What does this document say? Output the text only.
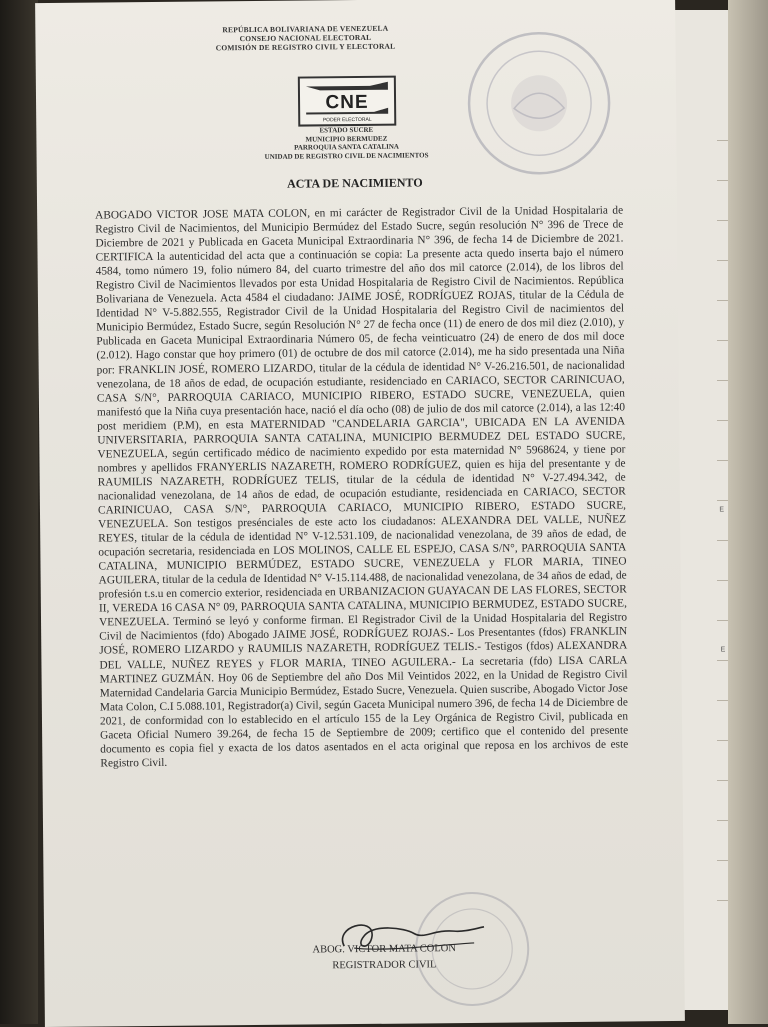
REPÚBLICA BOLIVARIANA DE VENEZUELA
CONSEJO NACIONAL ELECTORAL
COMISIÓN DE REGISTRO CIVIL Y ELECTORAL
CNE
PODER ELECTORAL
ESTADO SUCRE
MUNICIPIO BERMUDEZ
PARROQUIA SANTA CATALINA
UNIDAD DE REGISTRO CIVIL DE NACIMIENTOS
ACTA DE NACIMIENTO

ABOGADO VICTOR JOSE MATA COLON, en mi carácter de Registrador Civil de la Unidad Hospitalaria de Registro Civil de Nacimientos, del Municipio Bermúdez del Estado Sucre, según resolución N° 396 de Trece de Diciembre de 2021 y Publicada en Gaceta Municipal Extraordinaria N° 396, de fecha 14 de Diciembre de 2021. CERTIFICA la autenticidad del acta que a continuación se copia: La presente acta quedo inserta bajo el número 4584, tomo número 19, folio número 84, del cuarto trimestre del año dos mil catorce (2.014), de los libros del Registro Civil de Nacimientos llevados por esta Unidad Hospitalaria de Registro Civil de Nacimientos. República Bolivariana de Venezuela. Acta 4584 el ciudadano: JAIME JOSÉ, RODRÍGUEZ ROJAS, titular de la Cédula de Identidad N° V-5.882.555, Registrador Civil de la Unidad Hospitalaria del Registro Civil de nacimientos del Municipio Bermúdez, Estado Sucre, según Resolución N° 27 de fecha once (11) de enero de dos mil diez (2.010), y Publicada en Gaceta Municipal Extraordinaria Número 05, de fecha veinticuatro (24) de enero de dos mil doce (2.012). Hago constar que hoy primero (01) de octubre de dos mil catorce (2.014), me ha sido presentada una Niña por: FRANKLIN JOSÉ, ROMERO LIZARDO, titular de la cédula de identidad N° V-26.216.501, de nacionalidad venezolana, de 18 años de edad, de ocupación estudiante, residenciado en CARIACO, SECTOR CARINICUAO, CASA S/N°, PARROQUIA CARIACO, MUNICIPIO RIBERO, ESTADO SUCRE, VENEZUELA, quien manifestó que la Niña cuya presentación hace, nació el día ocho (08) de julio de dos mil catorce (2.014), a las 12:40 post meridiem (P.M), en esta MATERNIDAD "CANDELARIA GARCIA", UBICADA EN LA AVENIDA UNIVERSITARIA, PARROQUIA SANTA CATALINA, MUNICIPIO BERMUDEZ DEL ESTADO SUCRE, VENEZUELA, según certificado médico de nacimiento expedido por esta maternidad N° 5968624, y tiene por nombres y apellidos FRANYERLIS NAZARETH, ROMERO RODRÍGUEZ, quien es hija del presentante y de RAUMILIS NAZARETH, RODRÍGUEZ TELIS, titular de la cédula de identidad N° V-27.494.342, de nacionalidad venezolana, de 14 años de edad, de ocupación estudiante, residenciada en CARIACO, SECTOR CARINICUAO, CASA S/N°, PARROQUIA CARIACO, MUNICIPIO RIBERO, ESTADO SUCRE, VENEZUELA. Son testigos presénciales de este acto los ciudadanos: ALEXANDRA DEL VALLE, NUÑEZ REYES, titular de la cédula de identidad N° V-12.531.109, de nacionalidad venezolana, de 39 años de edad, de ocupación secretaria, residenciada en LOS MOLINOS, CALLE EL ESPEJO, CASA S/N°, PARROQUIA SANTA CATALINA, MUNICIPIO BERMÚDEZ, ESTADO SUCRE, VENEZUELA y FLOR MARIA, TINEO AGUILERA, titular de la cedula de Identidad N° V-15.114.488, de nacionalidad venezolana, de 34 años de edad, de profesión t.s.u en comercio exterior, residenciada en URBANIZACION GUAYACAN DE LAS FLORES, SECTOR II, VEREDA 16 CASA N° 09, PARROQUIA SANTA CATALINA, MUNICIPIO BERMUDEZ, ESTADO SUCRE, VENEZUELA. Terminó se leyó y conforme firman. El Registrador Civil de la Unidad Hospitalaria del Registro Civil de Nacimientos (fdo) Abogado JAIME JOSÉ, RODRÍGUEZ ROJAS.- Los Presentantes (fdos) FRANKLIN JOSÉ, ROMERO LIZARDO y RAUMILIS NAZARETH, RODRÍGUEZ TELIS.- Testigos (fdos) ALEXANDRA DEL VALLE, NUÑEZ REYES y FLOR MARIA, TINEO AGUILERA.- La secretaria (fdo) LISA CARLA MARTINEZ GUZMÁN. Hoy 06 de Septiembre del año Dos Mil Veintidos 2022, en la Unidad de Registro Civil Maternidad Candelaria Garcia Municipio Bermúdez, Estado Sucre, Venezuela. Quien suscribe, Abogado Victor Jose Mata Colon, C.I 5.088.101, Registrador(a) Civil, según Gaceta Municipal numero 396, de fecha 14 de Diciembre de 2021, de conformidad con lo establecido en el artículo 155 de la Ley Orgánica de Registro Civil, publicada en Gaceta Oficial Numero 39.264, de fecha 15 de Septiembre de 2009; certifico que el contenido del presente documento es copia fiel y exacta de los datos asentados en el acta original que reposa en los archivos de este Registro Civil.

ABOG. VICTOR MATA COLON
REGISTRADOR CIVIL
E
E
